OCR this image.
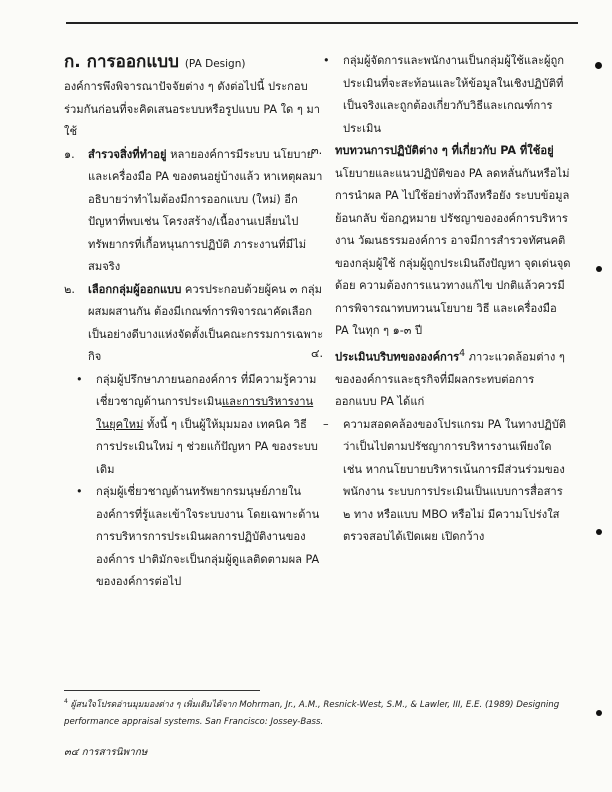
ก. การออกแบบ (PA Design)

องค์การพึงพิจารณาปัจจัยต่าง ๆ ดังต่อไปนี้ ประกอบร่วมกันก่อนที่จะคิดเสนอระบบหรือรูปแบบ PA ใด ๆ มาใช้

๑.	สำรวจสิ่งที่ทำอยู่ หลายองค์การมีระบบ นโยบาย และเครื่องมือ PA ของตนอยู่บ้างแล้ว หาเหตุผลมาอธิบายว่าทำไมต้องมีการออกแบบ (ใหม่) อีก ปัญหาที่พบเช่น โครงสร้าง/เนื้องานเปลี่ยนไป ทรัพยากรที่เกื้อหนุนการปฏิบัติ ภาระงานที่มีไม่สมจริง
๒.	เลือกกลุ่มผู้ออกแบบ ควรประกอบด้วยผู้คน ๓ กลุ่มผสมผสานกัน ต้องมีเกณฑ์การพิจารณาคัดเลือกเป็นอย่างดีบางแห่งจัดตั้งเป็นคณะกรรมการเฉพาะกิจ
•	กลุ่มผู้ปรึกษาภายนอกองค์การ ที่มีความรู้ความเชี่ยวชาญด้านการประเมินและการบริหารงานในยุคใหม่ ทั้งนี้ ๆ เป็นผู้ให้มุมมอง เทคนิค วิธีการประเมินใหม่ ๆ ช่วยแก้ปัญหา PA ของระบบเดิม
•	กลุ่มผู้เชี่ยวชาญด้านทรัพยากรมนุษย์ภายในองค์การที่รู้และเข้าใจระบบงาน โดยเฉพาะด้านการบริหารการประเมินผลการปฏิบัติงานขององค์การ ปาติมักจะเป็นกลุ่มผู้ดูแลติดตามผล PA ขององค์การต่อไป
•	กลุ่มผู้จัดการและพนักงานเป็นกลุ่มผู้ใช้และผู้ถูกประเมินที่จะสะท้อนและให้ข้อมูลในเชิงปฏิบัติที่เป็นจริงและถูกต้องเกี่ยวกับวิธีและเกณฑ์การประเมิน
๓.	ทบทวนการปฏิบัติต่าง ๆ ที่เกี่ยวกับ PA ที่ใช้อยู่ นโยบายและแนวปฏิบัติของ PA ลดหลั่นกันหรือไม่ การนำผล PA ไปใช้อย่างทั่วถึงหรือยัง ระบบข้อมูลย้อนกลับ ข้อกฎหมาย ปรัชญาขององค์การบริหารงาน วัฒนธรรมองค์การ อาจมีการสำรวจทัศนคติของกลุ่มผู้ใช้ กลุ่มผู้ถูกประเมินถึงปัญหา จุดเด่นจุดด้อย ความต้องการแนวทางแก้ไข ปกติแล้วควรมีการพิจารณาทบทวนนโยบาย วิธี และเครื่องมือ PA ในทุก ๆ ๑-๓ ปี
๔.	ประเมินบริบทขององค์การ$^4$ ภาวะแวดล้อมต่าง ๆ ขององค์การและธุรกิจที่มีผลกระทบต่อการออกแบบ PA ได้แก่
–	ความสอดคล้องของโปรแกรม PA ในทางปฏิบัติว่าเป็นไปตามปรัชญาการบริหารงานเพียงใด เช่น หากนโยบายบริหารเน้นการมีส่วนร่วมของพนักงาน ระบบการประเมินเป็นแบบการสื่อสาร ๒ ทาง หรือแบบ MBO หรือไม่ มีความโปร่งใส ตรวจสอบได้เปิดเผย เปิดกว้าง
$^4$ ผู้สนใจโปรดอ่านมุมมองต่าง ๆ เพิ่มเติมได้จาก Mohrman, Jr., A.M., Resnick-West, S.M., & Lawler, III, E.E. (1989) Designing performance appraisal systems. San Francisco: Jossey-Bass.
๓๔ การสารนิพากษ
